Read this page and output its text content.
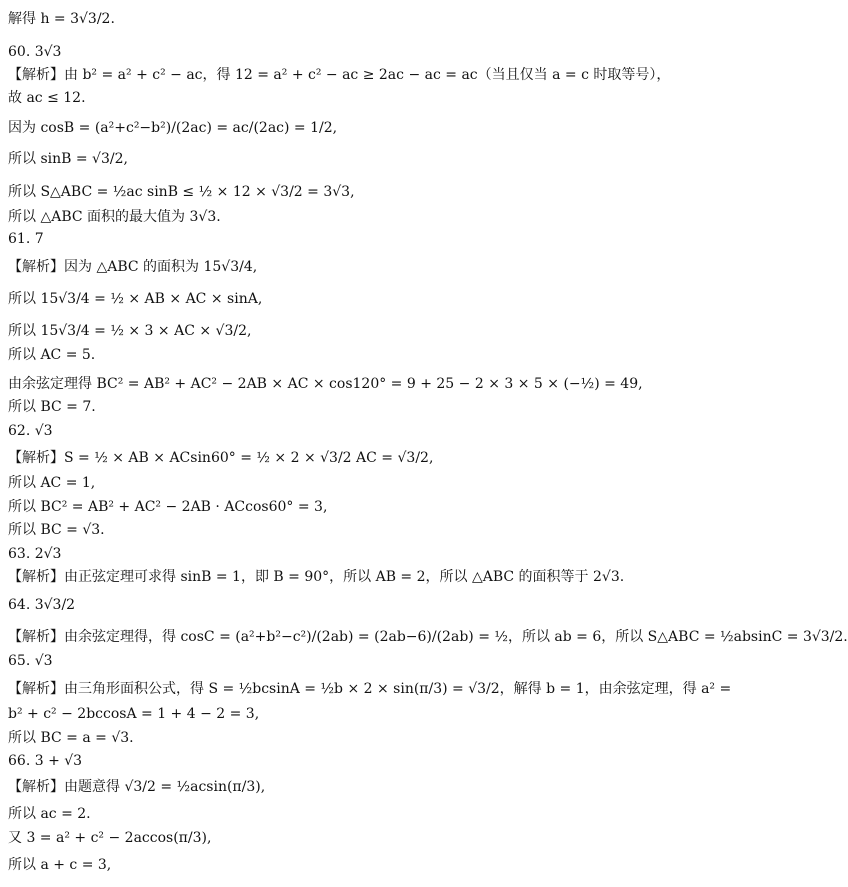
解得 h = 3√3/2.
60. 3√3
【解析】由 b² = a² + c² − ac，得 12 = a² + c² − ac ≥ 2ac − ac = ac（当且仅当 a = c 时取等号），
故 ac ≤ 12.
因为 cosB = (a²+c²−b²)/(2ac) = ac/(2ac) = 1/2,
所以 sinB = √3/2,
所以 S△ABC = ½ac sinB ≤ ½ × 12 × √3/2 = 3√3,
所以 △ABC 面积的最大值为 3√3.
61. 7
【解析】因为 △ABC 的面积为 15√3/4,
所以 15√3/4 = ½ × AB × AC × sinA,
所以 15√3/4 = ½ × 3 × AC × √3/2,
所以 AC = 5.
由余弦定理得 BC² = AB² + AC² − 2AB × AC × cos120° = 9 + 25 − 2 × 3 × 5 × (−½) = 49,
所以 BC = 7.
62. √3
【解析】S = ½ × AB × ACsin60° = ½ × 2 × √3/2 AC = √3/2,
所以 AC = 1,
所以 BC² = AB² + AC² − 2AB · ACcos60° = 3,
所以 BC = √3.
63. 2√3
【解析】由正弦定理可求得 sinB = 1，即 B = 90°，所以 AB = 2，所以 △ABC 的面积等于 2√3.
64. 3√3/2
【解析】由余弦定理得，得 cosC = (a²+b²−c²)/(2ab) = (2ab−6)/(2ab) = ½，所以 ab = 6，所以 S△ABC = ½absinC = 3√3/2.
65. √3
【解析】由三角形面积公式，得 S = ½bcsinA = ½b × 2 × sin(π/3) = √3/2，解得 b = 1，由余弦定理，得 a² =
b² + c² − 2bccosA = 1 + 4 − 2 = 3,
所以 BC = a = √3.
66. 3 + √3
【解析】由题意得 √3/2 = ½acsin(π/3),
所以 ac = 2.
又 3 = a² + c² − 2accos(π/3),
所以 a + c = 3,
